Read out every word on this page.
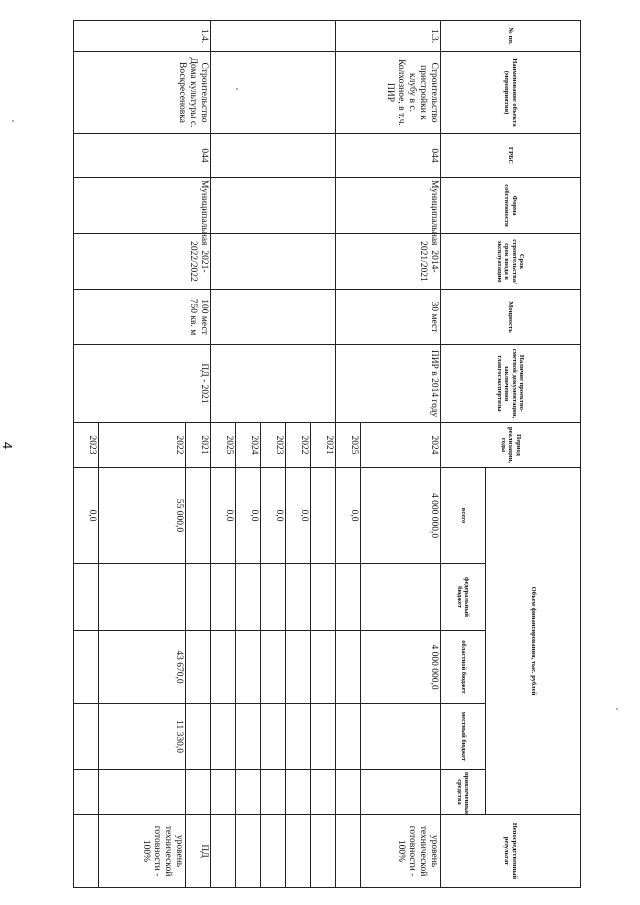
4
№ пп.	Наименование объекта (мероприятия)	ГРБС	Форма собственности	Срок строительства/срок ввода в эксплуатацию	Мощность	Наличие проектно-сметной документации, заключения главгосэкспертизы	Период реализации, годы	Объем финансирования, тыс. рублей					Непосредственный результат
								всего	федеральный бюджет	областной бюджет	местный бюджет	привлеченные средства	
1.3.	Строительство пристройки к клубу в с. Колхозное, в т.ч. ПИР	044	Муниципальная	2014-2021/2021	30 мест	ПИР в 2014 году	2024	4 000 000,0		4 000 000,0			уровень технической готовности - 100%
							2025	0,0					
							2021						
							2022	0,0					
							2023	0,0					
							2024	0,0					
							2025	0,0					
1.4.	Строительство Дома культуры с. Воскресеновка	044	Муниципальная	2021-2022/2022	100 мест 750 кв. м	ПД - 2021	2021						ПД
							2022	55 000,0		43 670,0	11 330,0		уровень технической готовности - 100%
							2023	0,0					
